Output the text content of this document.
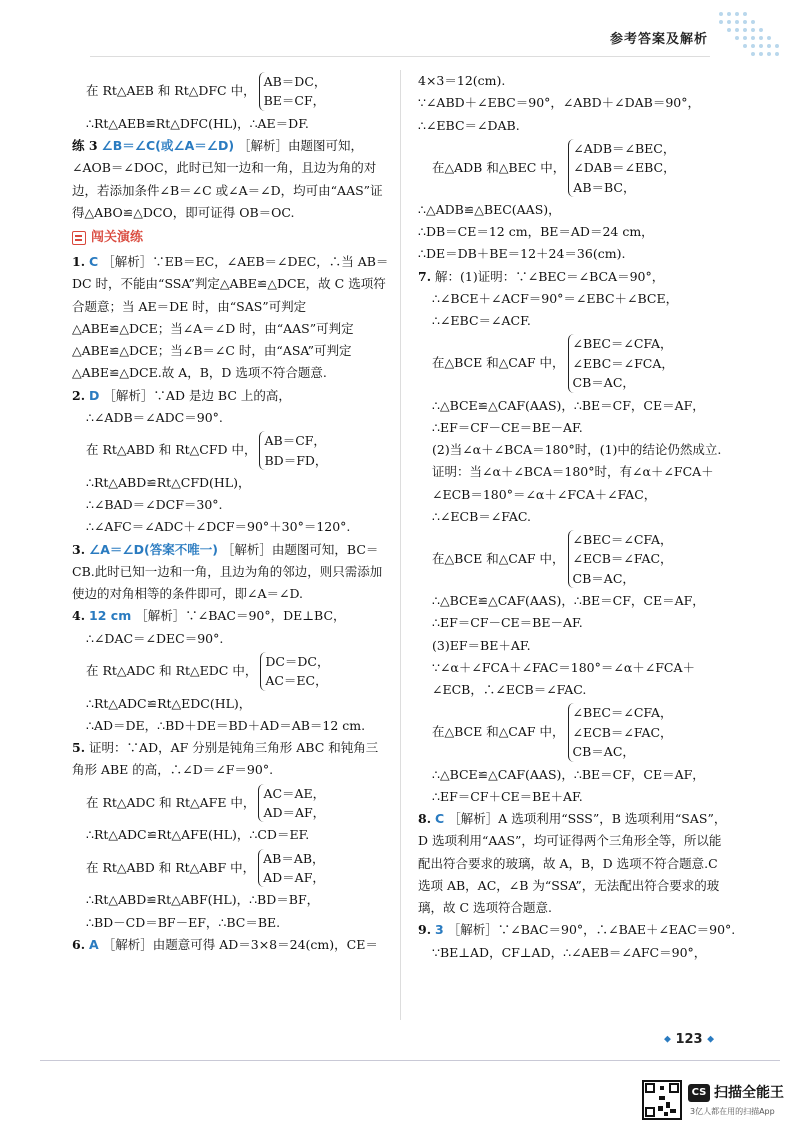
参考答案及解析
在 Rt△AEB 和 Rt△DFC 中，
AB＝DC，
BE＝CF，

∴Rt△AEB≌Rt△DFC(HL)，∴AE＝DF.

练 3 ∠B＝∠C(或∠A＝∠D) ［解析］由题图可知，∠AOB＝∠DOC，此时已知一边和一角，且边为角的对边，若添加条件∠B＝∠C 或∠A＝∠D，均可由“AAS”证得△ABO≌△DCO，即可证得 OB＝OC.

闯关演练

1. C ［解析］∵EB＝EC，∠AEB＝∠DEC，∴当 AB＝DC 时，不能由“SSA”判定△ABE≌△DCE，故 C 选项符合题意；当 AE＝DE 时，由“SAS”可判定△ABE≌△DCE；当∠A＝∠D 时，由“AAS”可判定△ABE≌△DCE；当∠B＝∠C 时，由“ASA”可判定△ABE≌△DCE.故 A，B，D 选项不符合题意.

2. D ［解析］∵AD 是边 BC 上的高，

∴∠ADB＝∠ADC＝90°.

在 Rt△ABD 和 Rt△CFD 中，
AB＝CF，
BD＝FD，

∴Rt△ABD≌Rt△CFD(HL)，

∴∠BAD＝∠DCF＝30°.

∴∠AFC＝∠ADC＋∠DCF＝90°＋30°＝120°.

3. ∠A＝∠D(答案不唯一) ［解析］由题图可知，BC＝CB.此时已知一边和一角，且边为角的邻边，则只需添加使边的对角相等的条件即可，即∠A＝∠D.

4. 12 cm ［解析］∵∠BAC＝90°，DE⊥BC，

∴∠DAC＝∠DEC＝90°.

在 Rt△ADC 和 Rt△EDC 中，
DC＝DC，
AC＝EC，

∴Rt△ADC≌Rt△EDC(HL)，

∴AD＝DE，∴BD＋DE＝BD＋AD＝AB＝12 cm.

5. 证明：∵AD，AF 分别是钝角三角形 ABC 和钝角三角形 ABE 的高，∴∠D＝∠F＝90°.

在 Rt△ADC 和 Rt△AFE 中，
AC＝AE，
AD＝AF，

∴Rt△ADC≌Rt△AFE(HL)，∴CD＝EF.

在 Rt△ABD 和 Rt△ABF 中，
AB＝AB，
AD＝AF，

∴Rt△ABD≌Rt△ABF(HL)，∴BD＝BF，

∴BD－CD＝BF－EF，∴BC＝BE.

6. A ［解析］由题意可得 AD＝3×8＝24(cm)，CE＝

4×3＝12(cm).

∵∠ABD＋∠EBC＝90°，∠ABD＋∠DAB＝90°，

∴∠EBC＝∠DAB.

在△ADB 和△BEC 中，
∠ADB＝∠BEC，
∠DAB＝∠EBC，
AB＝BC，

∴△ADB≌△BEC(AAS)，

∴DB＝CE＝12 cm，BE＝AD＝24 cm，

∴DE＝DB＋BE＝12＋24＝36(cm).

7. 解：(1)证明：∵∠BEC＝∠BCA＝90°，

∴∠BCE＋∠ACF＝90°＝∠EBC＋∠BCE，

∴∠EBC＝∠ACF.

在△BCE 和△CAF 中，
∠BEC＝∠CFA，
∠EBC＝∠FCA，
CB＝AC，

∴△BCE≌△CAF(AAS)，∴BE＝CF，CE＝AF，

∴EF＝CF－CE＝BE－AF.

(2)当∠α＋∠BCA＝180°时，(1)中的结论仍然成立.

证明：当∠α＋∠BCA＝180°时，有∠α＋∠FCA＋∠ECB＝180°＝∠α＋∠FCA＋∠FAC，

∴∠ECB＝∠FAC.

在△BCE 和△CAF 中，
∠BEC＝∠CFA，
∠ECB＝∠FAC，
CB＝AC，

∴△BCE≌△CAF(AAS)，∴BE＝CF，CE＝AF，

∴EF＝CF－CE＝BE－AF.

(3)EF＝BE＋AF.

∵∠α＋∠FCA＋∠FAC＝180°＝∠α＋∠FCA＋∠ECB，∴∠ECB＝∠FAC.

在△BCE 和△CAF 中，
∠BEC＝∠CFA，
∠ECB＝∠FAC，
CB＝AC，

∴△BCE≌△CAF(AAS)，∴BE＝CF，CE＝AF，

∴EF＝CF＋CE＝BE＋AF.

8. C ［解析］A 选项利用“SSS”，B 选项利用“SAS”，D 选项利用“AAS”，均可证得两个三角形全等，所以能配出符合要求的玻璃，故 A，B，D 选项不符合题意.C 选项 AB，AC，∠B 为“SSA”，无法配出符合要求的玻璃，故 C 选项符合题意.

9. 3 ［解析］∵∠BAC＝90°，∴∠BAE＋∠EAC＝90°.

∵BE⊥AD，CF⊥AD，∴∠AEB＝∠AFC＝90°，

◆ 123 ◆
CS 扫描全能王
3亿人都在用的扫描App
